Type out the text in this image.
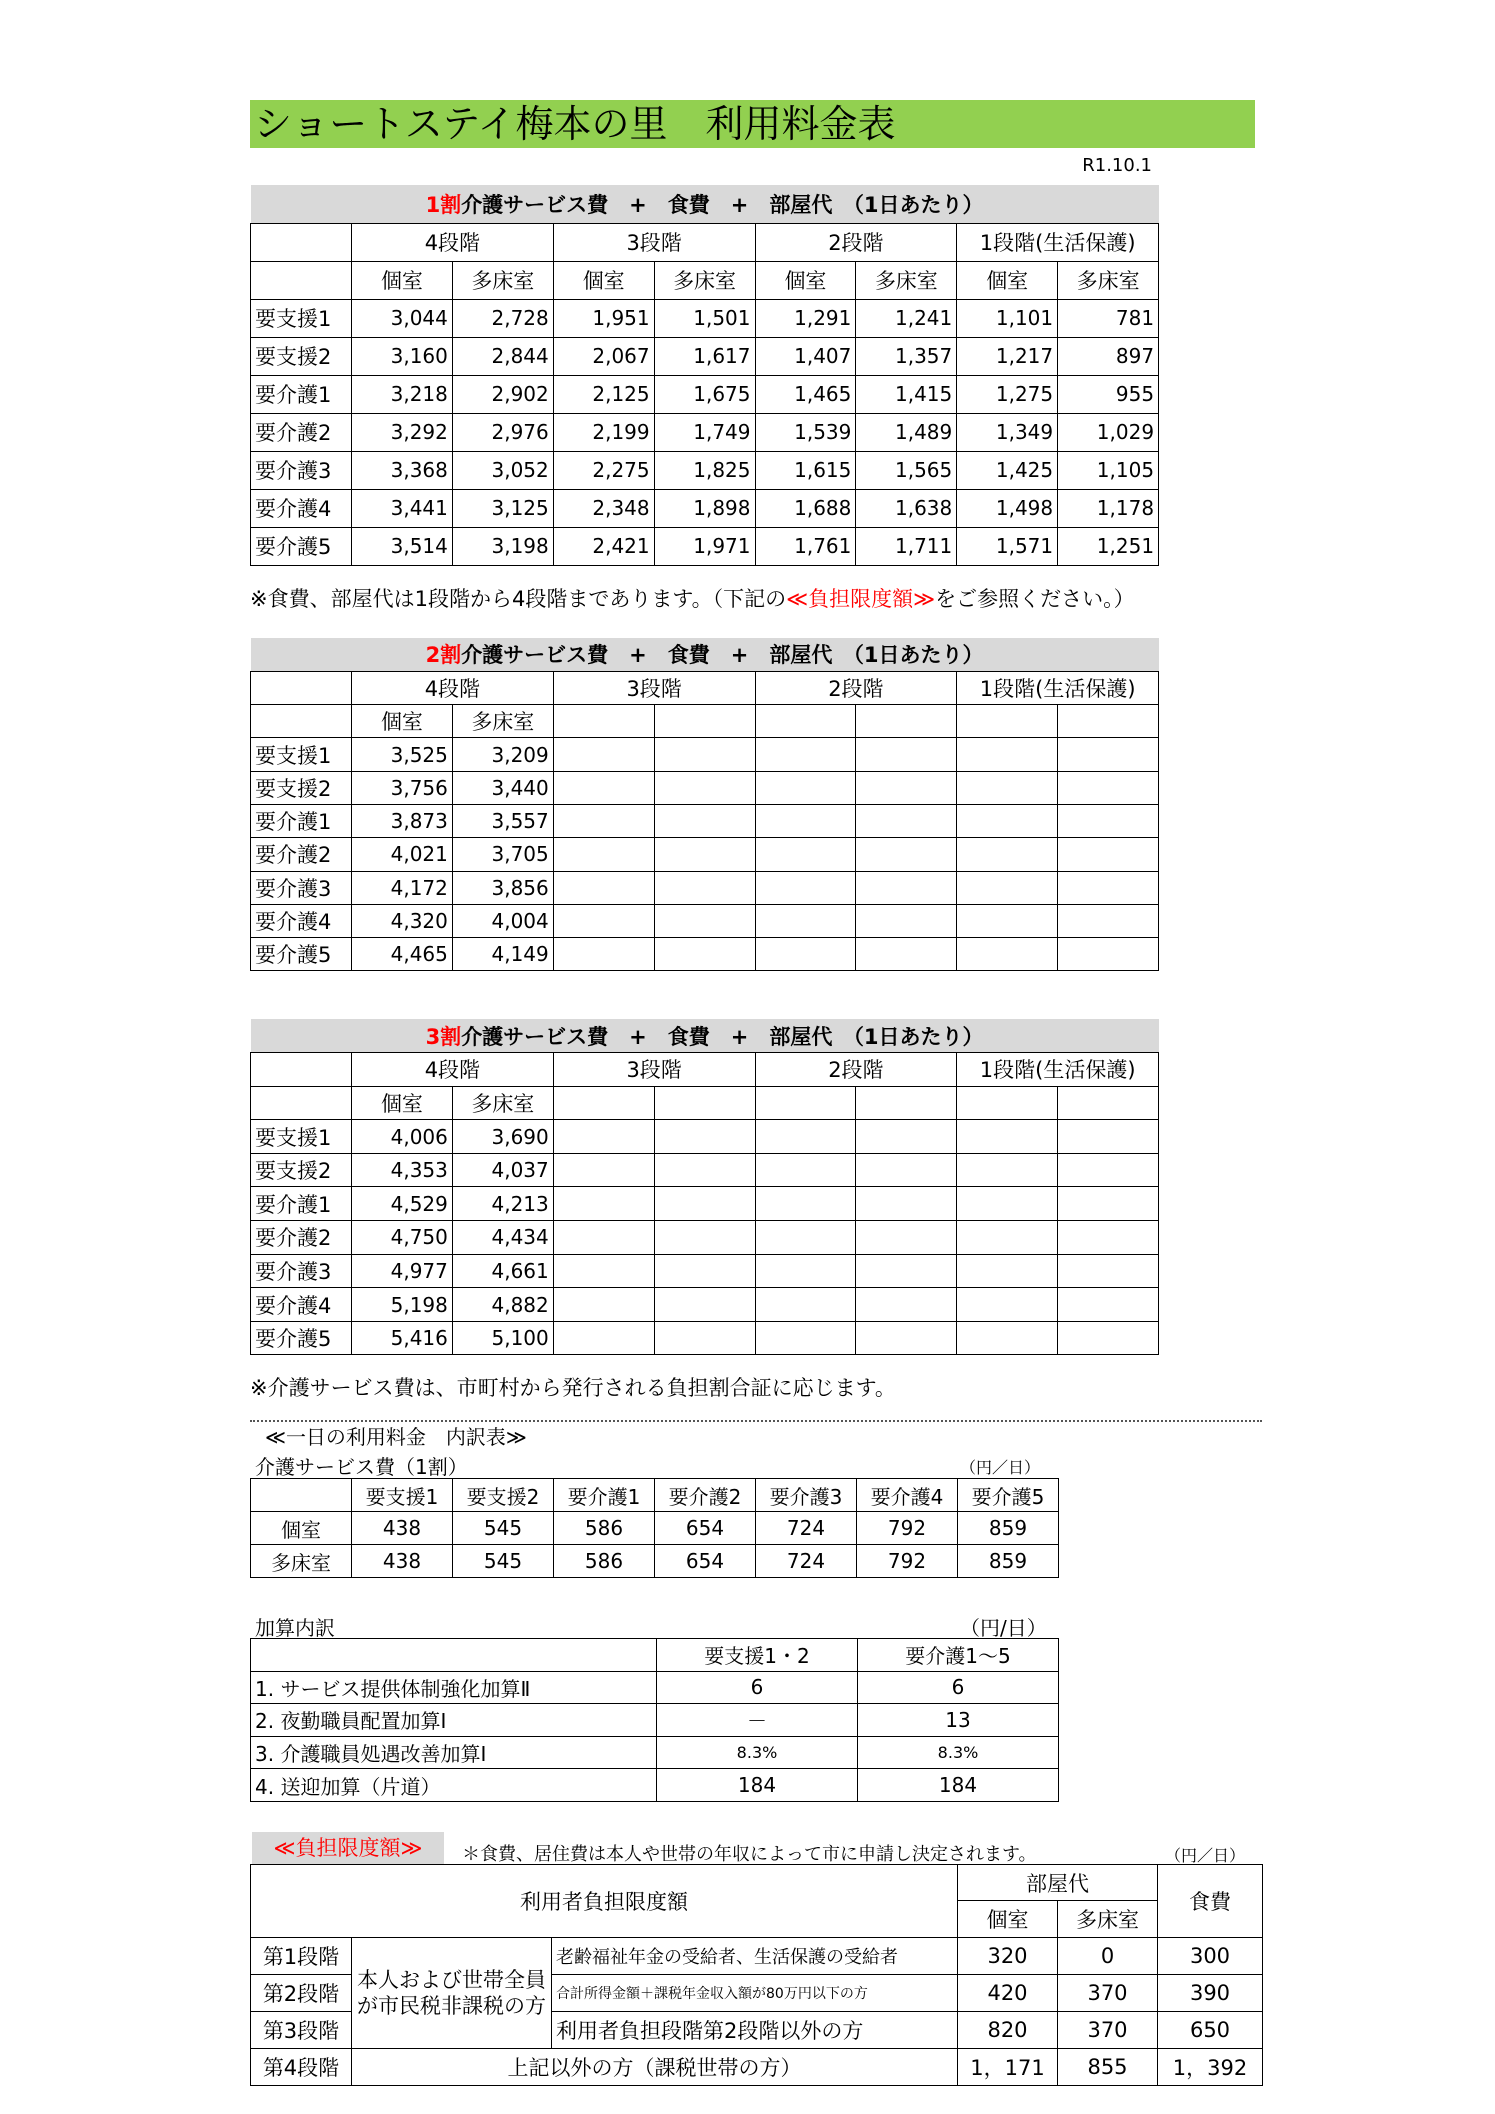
ショートステイ梅本の里　利用料金表
R1.10.1
1割介護サービス費　+　食費　+　部屋代　（1日あたり）								
	4段階		3段階		2段階		1段階(生活保護)	
	個室	多床室	個室	多床室	個室	多床室	個室	多床室
要支援1	3,044	2,728	1,951	1,501	1,291	1,241	1,101	781
要支援2	3,160	2,844	2,067	1,617	1,407	1,357	1,217	897
要介護1	3,218	2,902	2,125	1,675	1,465	1,415	1,275	955
要介護2	3,292	2,976	2,199	1,749	1,539	1,489	1,349	1,029
要介護3	3,368	3,052	2,275	1,825	1,615	1,565	1,425	1,105
要介護4	3,441	3,125	2,348	1,898	1,688	1,638	1,498	1,178
要介護5	3,514	3,198	2,421	1,971	1,761	1,711	1,571	1,251
※食費、部屋代は1段階から4段階まであります。（下記の≪負担限度額≫をご参照ください。）
2割介護サービス費　+　食費　+　部屋代　（1日あたり）								
	4段階		3段階		2段階		1段階(生活保護)	
	個室	多床室						
要支援1	3,525	3,209						
要支援2	3,756	3,440						
要介護1	3,873	3,557						
要介護2	4,021	3,705						
要介護3	4,172	3,856						
要介護4	4,320	4,004						
要介護5	4,465	4,149						
3割介護サービス費　+　食費　+　部屋代　（1日あたり）								
	4段階		3段階		2段階		1段階(生活保護)	
	個室	多床室						
要支援1	4,006	3,690						
要支援2	4,353	4,037						
要介護1	4,529	4,213						
要介護2	4,750	4,434						
要介護3	4,977	4,661						
要介護4	5,198	4,882						
要介護5	5,416	5,100						
※介護サービス費は、市町村から発行される負担割合証に応じます。
≪一日の利用料金　内訳表≫
介護サービス費（1割）	（円／日）
	要支援1	要支援2	要介護1	要介護2	要介護3	要介護4	要介護5
個室	438	545	586	654	724	792	859
多床室	438	545	586	654	724	792	859
加算内訳	（円/日）
	要支援1・2	要介護1～5
1. サービス提供体制強化加算Ⅱ	6	6
2. 夜勤職員配置加算Ⅰ	－	13
3. 介護職員処遇改善加算Ⅰ	8.3%	8.3%
4. 送迎加算（片道）	184	184
≪負担限度額≫	＊食費、居住費は本人や世帯の年収によって市に申請し決定されます。	（円／日）
利用者負担限度額			部屋代		食費
			個室	多床室	
第1段階	本人および世帯全員が市民税非課税の方	老齢福祉年金の受給者、生活保護の受給者	320	0	300
第2段階		合計所得金額＋課税年金収入額が80万円以下の方	420	370	390
第3段階		利用者負担段階第2段階以外の方	820	370	650
第4段階	上記以外の方（課税世帯の方）		1，171	855	1，392
